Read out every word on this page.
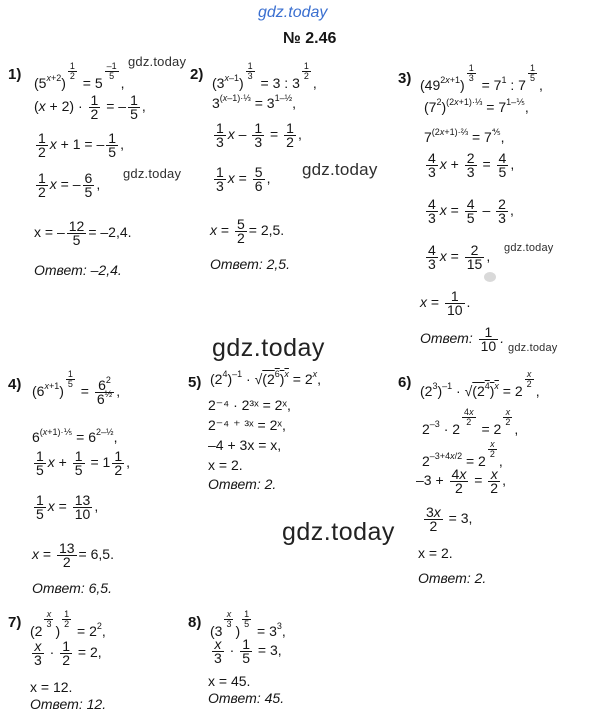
gdz.today
№ 2.46
gdz.today
gdz.today	gdz.today
gdz.today
gdz.today
gdz.today
gdz.today
1) $(5^{x+2})$
$\frac{1}{2}$
= 5
$\frac{-1}{5}$
,
$(x + 2) \cdot \frac{1}{2}$ = – $\frac{1}{5}$ ,
$\frac{1}{2}$ x + 1 = – $\frac{1}{5}$ ,
$\frac{1}{2}$ x = – $\frac{6}{5}$ ,
x = – $\frac{12}{5} = -2,4$.
Ответ: –2,4.
2) (3$^{x-1}$)
$\frac{1}{3}$
= 3 : 3
$\frac{1}{2}$
,
$3^{(x-1)\cdot\frac{1}{3}} = 3^{1-\frac{1}{2}}$,
$\frac{1}{3}$ $x - \frac{1}{3} = \frac{1}{2}$ ,
$\frac{1}{3}$ $x = \frac{5}{6}$ ,
$x = \frac{5}{2} = 2,5$.
Ответ: 2,5.
3) $(49^{2x+1})$
$\frac{1}{3}$
= $7^1$ : 7
$\frac{1}{5}$
,
$(7^2)^{(2x+1)\cdot\frac{1}{3}} = 7^{1-\frac{1}{5}}$,
$7^{(2x+1)\cdot\frac{2}{3}} = 7^{\frac{4}{5}}$,
$\frac{4}{3}$ $x + \frac{2}{3} = \frac{4}{5}$ ,
$\frac{4}{3}$ $x = \frac{4}{5} - \frac{2}{3}$ ,
$\frac{4}{3}$ $x = \frac{2}{15}$ ,
$x = \frac{1}{10}$ .
Ответ: $\frac{1}{10}$ .
4) $(6^{x+1})$
$\frac{1}{5}$
= $\frac{6^2}{6^{\frac{1}{2}}}$ ,
$6^{(x+1)\cdot\frac{1}{5}} = 6^{2-\frac{1}{2}}$,
$\frac{1}{5}$ $x + \frac{1}{5} = 1 \frac{1}{2}$ ,
$\frac{1}{5}$ $x = \frac{13}{10}$ ,
$x = \frac{13}{2} = 6,5$.
Ответ: 6,5.
5) $(2^4)^{-1} \cdot √(2^6)^x = 2^x$,
2⁻⁴ · 2³ˣ = 2ˣ,
2⁻⁴ ⁺ ³ˣ = 2ˣ,
–4 + 3x = x,
x = 2.
Ответ: 2.
6) $(2^3)^{-1} \cdot √(2^4)^x = 2$
$\frac{x}{2}$
,
$2^{-3} \cdot 2$
$\frac{4x}{2}$
= 2
$\frac{x}{2}$
,
$2^{-3+4x/2} = 2$
$\frac{x}{2}$
,
$-3 + \frac{4x}{2} = \frac{x}{2}$ ,
$\frac{3x}{2} = 3$,
x = 2.
Ответ: 2.
7) (2
$\frac{x}{3}$
)
$\frac{1}{2}$
= $2^2$,
$\frac{x}{3} \cdot \frac{1}{2} = 2$,
x = 12.
Ответ: 12.
8) (3
$\frac{x}{3}$
)
$\frac{1}{5}$
= $3^3$,
$\frac{x}{3} \cdot \frac{1}{5} = 3$,
x = 45.
Ответ: 45.
